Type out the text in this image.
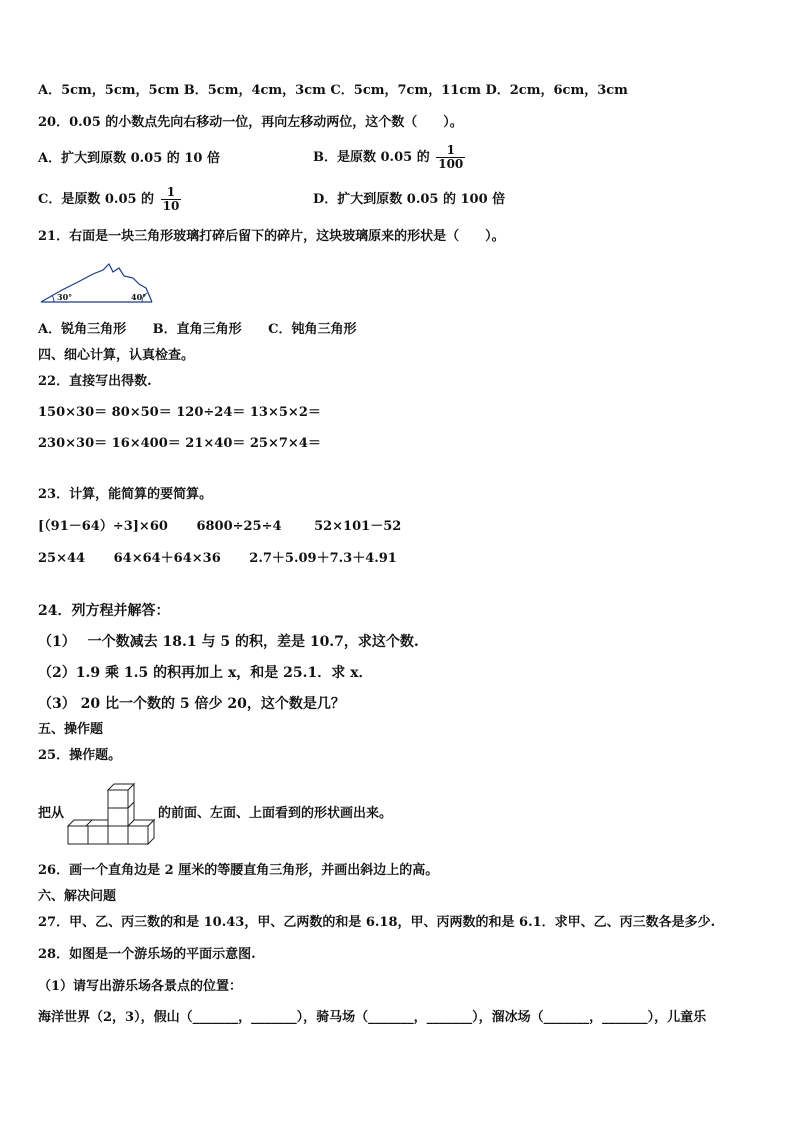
A．5cm，5cm，5cm B．5cm，4cm，3cm C．5cm，7cm，11cm D．2cm，6cm，3cm
20．0.05 的小数点先向右移动一位，再向左移动两位，这个数（　　）。
A．扩大到原数 0.05 的 10 倍	B．是原数 0.05 的 $\frac{1}{100}$
C．是原数 0.05 的 $\frac{1}{10}$	D．扩大到原数 0.05 的 100 倍
21．右面是一块三角形玻璃打碎后留下的碎片，这块玻璃原来的形状是（　　）。
30°	40°
A．锐角三角形 B．直角三角形 C．钝角三角形
四、细心计算，认真检查。
22．直接写出得数.
150×30＝ 80×50＝ 120÷24＝ 13×5×2＝
230×30＝ 16×400＝ 21×40＝ 25×7×4＝
23．计算，能简算的要简算。
[（91－64）÷3]×60 6800÷25÷4	52×101－52
25×44 64×64＋64×36 2.7＋5.09＋7.3＋4.91
24．列方程并解答：
（1）　 一个数减去 18.1 与 5 的积，差是 10.7，求这个数.
（2）1.9 乘 1.5 的积再加上 x，和是 25.1．求 x．
（3） 20 比一个数的 5 倍少 20，这个数是几？
五、操作题
25．操作题。
把从	的前面、左面、上面看到的形状画出来。
26．画一个直角边是 2 厘米的等腰直角三角形，并画出斜边上的高。
六、解决问题
27．甲、乙、丙三数的和是 10.43，甲、乙两数的和是 6.18，甲、丙两数的和是 6.1．求甲、乙、丙三数各是多少.
28．如图是一个游乐场的平面示意图.
（1）请写出游乐场各景点的位置：
海洋世界（2，3），假山（_______，_______），骑马场（_______，_______），溜冰场（_______，_______），儿童乐
